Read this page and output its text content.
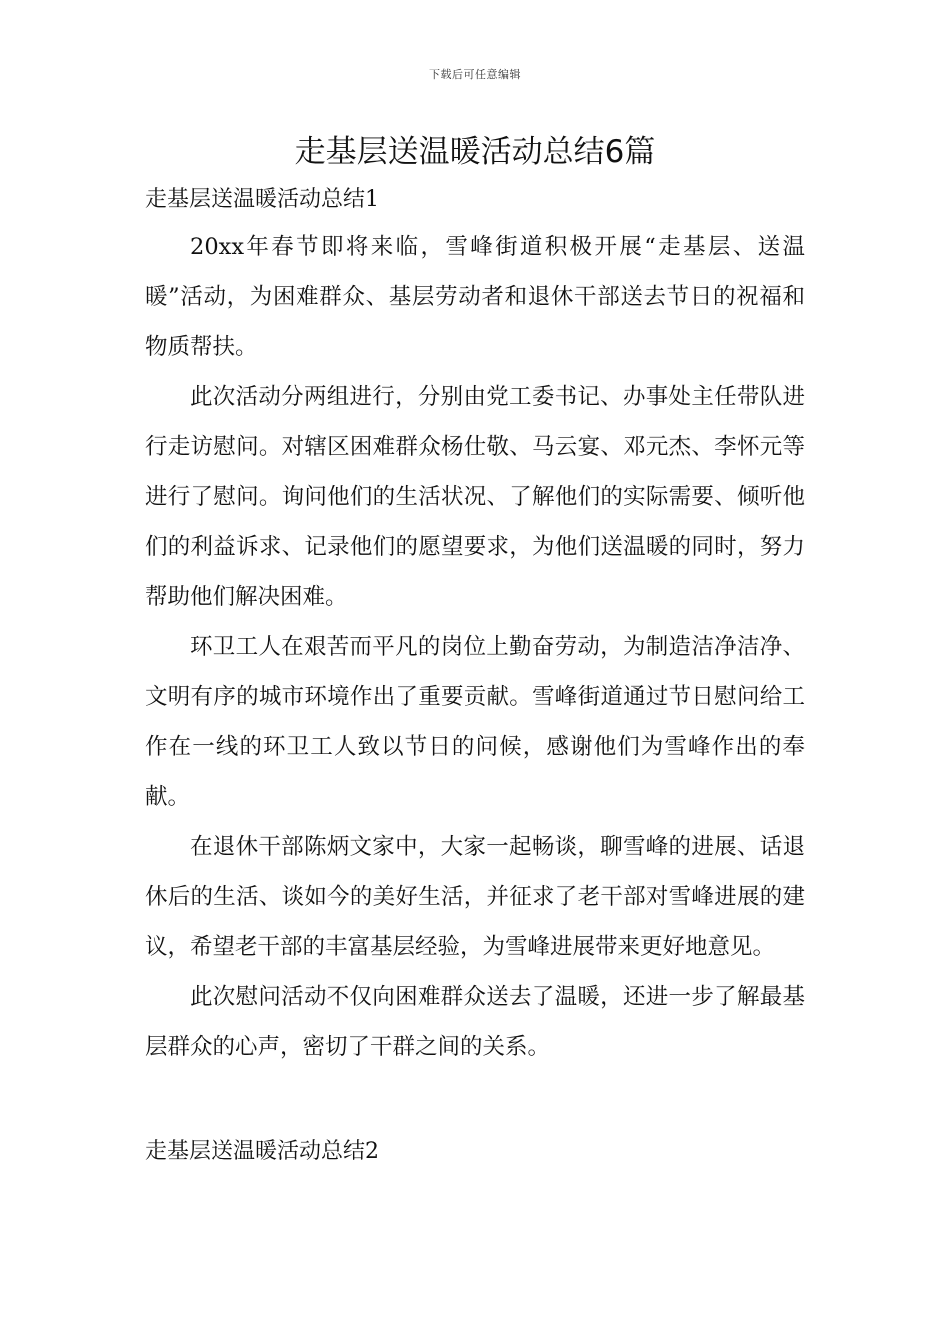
下载后可任意编辑
走基层送温暖活动总结6篇
走基层送温暖活动总结1

20xx年春节即将来临，雪峰街道积极开展“走基层、送温暖”活动，为困难群众、基层劳动者和退休干部送去节日的祝福和物质帮扶。

此次活动分两组进行，分别由党工委书记、办事处主任带队进行走访慰问。对辖区困难群众杨仕敬、马云宴、邓元杰、李怀元等进行了慰问。询问他们的生活状况、了解他们的实际需要、倾听他们的利益诉求、记录他们的愿望要求，为他们送温暖的同时，努力帮助他们解决困难。

环卫工人在艰苦而平凡的岗位上勤奋劳动，为制造洁净洁净、文明有序的城市环境作出了重要贡献。雪峰街道通过节日慰问给工作在一线的环卫工人致以节日的问候，感谢他们为雪峰作出的奉献。

在退休干部陈炳文家中，大家一起畅谈，聊雪峰的进展、话退休后的生活、谈如今的美好生活，并征求了老干部对雪峰进展的建议，希望老干部的丰富基层经验，为雪峰进展带来更好地意见。

此次慰问活动不仅向困难群众送去了温暖，还进一步了解最基层群众的心声，密切了干群之间的关系。

走基层送温暖活动总结2
